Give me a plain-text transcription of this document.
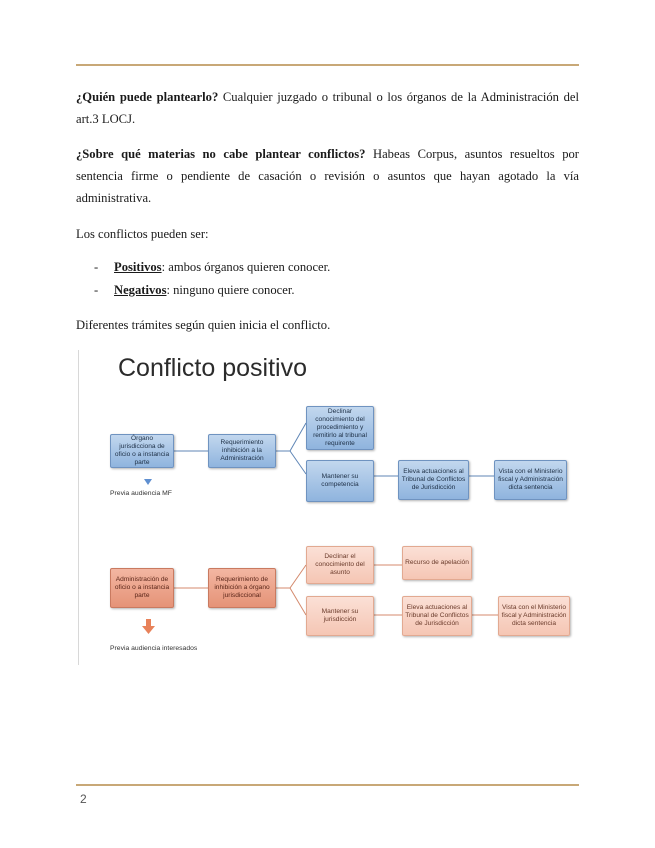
¿Quién puede plantearlo? Cualquier juzgado o tribunal o los órganos de la Administración del art.3 LOCJ.
¿Sobre qué materias no cabe plantear conflictos? Habeas Corpus, asuntos resueltos por sentencia firme o pendiente de casación o revisión o asuntos que hayan agotado la vía administrativa.
Los conflictos pueden ser:
- Positivos: ambos órganos quieren conocer.
- Negativos: ninguno quiere conocer.
Diferentes trámites según quien inicia el conflicto.
Conflicto positivo
Órgano jurisdicciona de oficio o a instancia parte
Previa audiencia MF
Requerimiento inhibición a la Administración
Declinar conocimiento del procedimiento y remitirlo al tribunal requirente
Mantener su competencia
Eleva actuaciones al Tribunal de Conflictos de Jurisdicción
Vista con el Ministerio fiscal y Administración dicta sentencia
Administración de oficio o a instancia parte
Previa audiencia interesados
Requerimiento de inhibición a órgano jurisdiccional
Declinar el conocimiento del asunto
Recurso de apelación
Mantener su jurisdicción
Eleva actuaciones al Tribunal de Conflictos de Jurisdicción
Vista con el Ministerio fiscal y Administración dicta sentencia
2
